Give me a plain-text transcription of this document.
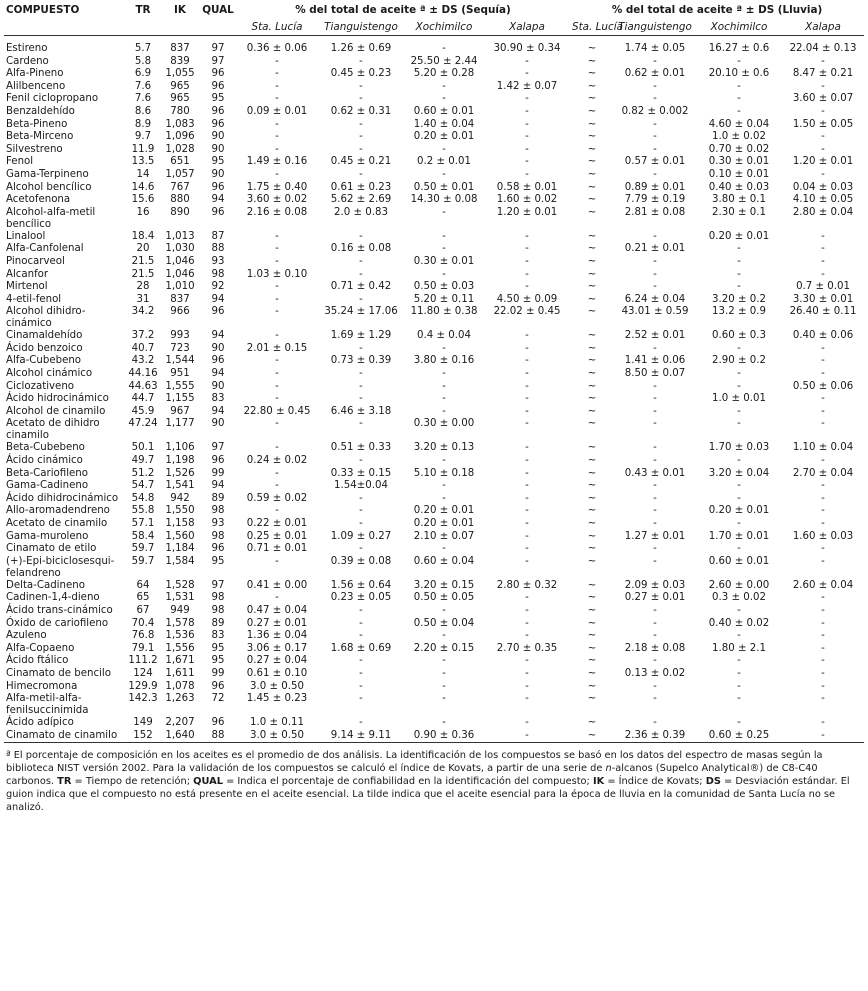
COMPUESTO	TR	IK	QUAL	% del total de aceite ª ± DS (Sequía)				% del total de aceite ª ± DS (Lluvia)			
				Sta. Lucía	Tianguistengo	Xochimilco	Xalapa	Sta. Lucía	Tianguistengo	Xochimilco	Xalapa

Estireno	5.7	837	97	0.36 ± 0.06	1.26 ± 0.69	-	30.90 ± 0.34	~	1.74 ± 0.05	16.27 ± 0.6	22.04 ± 0.13
Cardeno	5.8	839	97	-	-	25.50 ± 2.44	-	~	-	-	-
Alfa-Pineno	6.9	1,055	96	-	0.45 ± 0.23	5.20 ± 0.28	-	~	0.62 ± 0.01	20.10 ± 0.6	8.47 ± 0.21
Alilbenceno	7.6	965	96	-	-	-	1.42 ± 0.07	~	-	-	-
Fenil ciclopropano	7.6	965	95	-	-	-	-	~	-	-	3.60 ± 0.07
Benzaldehído	8.6	780	96	0.09 ± 0.01	0.62 ± 0.31	0.60 ± 0.01	-	~	0.82 ± 0.002	-	-
Beta-Pineno	8.9	1,083	96	-	-	1.40 ± 0.04	-	~	-	4.60 ± 0.04	1.50 ± 0.05
Beta-Mirceno	9.7	1,096	90	-	-	0.20 ± 0.01	-	~	-	1.0 ± 0.02	-
Silvestreno	11.9	1,028	90	-	-	-	-	~	-	0.70 ± 0.02	-
Fenol	13.5	651	95	1.49 ± 0.16	0.45 ± 0.21	0.2 ± 0.01	-	~	0.57 ± 0.01	0.30 ± 0.01	1.20 ± 0.01
Gama-Terpineno	14	1,057	90	-	-	-	-	~	-	0.10 ± 0.01	-
Alcohol bencílico	14.6	767	96	1.75 ± 0.40	0.61 ± 0.23	0.50 ± 0.01	0.58 ± 0.01	~	0.89 ± 0.01	0.40 ± 0.03	0.04 ± 0.03
Acetofenona	15.6	880	94	3.60 ± 0.02	5.62 ± 2.69	14.30 ± 0.08	1.60 ± 0.02	~	7.79 ± 0.19	3.80 ± 0.1	4.10 ± 0.05
Alcohol-alfa-metil bencílico	16	890	96	2.16 ± 0.08	2.0 ± 0.83	-	1.20 ± 0.01	~	2.81 ± 0.08	2.30 ± 0.1	2.80 ± 0.04
Linalool	18.4	1,013	87	-	-	-	-	~	-	0.20 ± 0.01	-
Alfa-Canfolenal	20	1,030	88	-	0.16 ± 0.08	-	-	~	0.21 ± 0.01	-	-
Pinocarveol	21.5	1,046	93	-	-	0.30 ± 0.01	-	~	-	-	-
Alcanfor	21.5	1,046	98	1.03 ± 0.10	-	-	-	~	-	-	-
Mirtenol	28	1,010	92	-	0.71 ± 0.42	0.50 ± 0.03	-	~	-	-	0.7 ± 0.01
4-etil-fenol	31	837	94	-	-	5.20 ± 0.11	4.50 ± 0.09	~	6.24 ± 0.04	3.20 ± 0.2	3.30 ± 0.01
Alcohol dihidro-cinámico	34.2	966	96	-	35.24 ± 17.06	11.80 ± 0.38	22.02 ± 0.45	~	43.01 ± 0.59	13.2 ± 0.9	26.40 ± 0.11
Cinamaldehído	37.2	993	94	-	1.69 ± 1.29	0.4 ± 0.04	-	~	2.52 ± 0.01	0.60 ± 0.3	0.40 ± 0.06
Ácido benzoico	40.7	723	90	2.01 ± 0.15	-	-	-	~	-	-	-
Alfa-Cubebeno	43.2	1,544	96	-	0.73 ± 0.39	3.80 ± 0.16	-	~	1.41 ± 0.06	2.90 ± 0.2	-
Alcohol cinámico	44.16	951	94	-	-	-	-	~	8.50 ± 0.07	-	-
Ciclozativeno	44.63	1,555	90	-	-	-	-	~	-	-	0.50 ± 0.06
Ácido hidrocinámico	44.7	1,155	83	-	-	-	-	~	-	1.0 ± 0.01	-
Alcohol de cinamilo	45.9	967	94	22.80 ± 0.45	6.46 ± 3.18	-	-	~	-	-	-
Acetato de dihidro cinamilo	47.24	1,177	90	-	-	0.30 ± 0.00	-	~	-	-	-
Beta-Cubebeno	50.1	1,106	97	-	0.51 ± 0.33	3.20 ± 0.13	-	~	-	1.70 ± 0.03	1.10 ± 0.04
Ácido cinámico	49.7	1,198	96	0.24 ± 0.02	-	-	-	~	-	-	-
Beta-Cariofileno	51.2	1,526	99	-	0.33 ± 0.15	5.10 ± 0.18	-	~	0.43 ± 0.01	3.20 ± 0.04	2.70 ± 0.04
Gama-Cadineno	54.7	1,541	94	-	1.54±0.04	-	-	~	-	-	-
Ácido dihidrocinámico	54.8	942	89	0.59 ± 0.02	-	-	-	~	-	-	-
Allo-aromadendreno	55.8	1,550	98	-	-	0.20 ± 0.01	-	~	-	0.20 ± 0.01	-
Acetato de cinamilo	57.1	1,158	93	0.22 ± 0.01	-	0.20 ± 0.01	-	~	-	-	-
Gama-muroleno	58.4	1,560	98	0.25 ± 0.01	1.09 ± 0.27	2.10 ± 0.07	-	~	1.27 ± 0.01	1.70 ± 0.01	1.60 ± 0.03
Cinamato de etilo	59.7	1,184	96	0.71 ± 0.01	-	-	-	~	-	-	-
(+)-Epi-biciclosesqui-felandreno	59.7	1,584	95	-	0.39 ± 0.08	0.60 ± 0.04	-	~	-	0.60 ± 0.01	-
Delta-Cadineno	64	1,528	97	0.41 ± 0.00	1.56 ± 0.64	3.20 ± 0.15	2.80 ± 0.32	~	2.09 ± 0.03	2.60 ± 0.00	2.60 ± 0.04
Cadinen-1,4-dieno	65	1,531	98	-	0.23 ± 0.05	0.50 ± 0.05	-	~	0.27 ± 0.01	0.3 ± 0.02	-
Ácido trans-cinámico	67	949	98	0.47 ± 0.04	-	-	-	~	-	-	-
Óxido de cariofileno	70.4	1,578	89	0.27 ± 0.01	-	0.50 ± 0.04	-	~	-	0.40 ± 0.02	-
Azuleno	76.8	1,536	83	1.36 ± 0.04	-	-	-	~	-	-	-
Alfa-Copaeno	79.1	1,556	95	3.06 ± 0.17	1.68 ± 0.69	2.20 ± 0.15	2.70 ± 0.35	~	2.18 ± 0.08	1.80 ± 2.1	-
Ácido ftálico	111.2	1,671	95	0.27 ± 0.04	-	-	-	~	-	-	-
Cinamato de bencilo	124	1,611	99	0.61 ± 0.10	-	-	-	~	0.13 ± 0.02	-	-
Himecromona	129.9	1,078	96	3.0 ± 0.50	-	-	-	~	-	-	-
Alfa-metil-alfa-fenilsuccinimida	142.3	1,263	72	1.45 ± 0.23	-	-	-	~	-	-	-
Ácido adípico	149	2,207	96	1.0 ± 0.11	-	-	-	~	-	-	-
Cinamato de cinamilo	152	1,640	88	3.0 ± 0.50	9.14 ± 9.11	0.90 ± 0.36	-	~	2.36 ± 0.39	0.60 ± 0.25	-

ª El porcentaje de composición en los aceites es el promedio de dos análisis. La identificación de los compuestos se basó en los datos del espectro de masas según la biblioteca NIST versión 2002. Para la validación de los compuestos se calculó el índice de Kovats, a partir de una serie de n-alcanos (Supelco Analytical®) de C8-C40 carbonos. TR = Tiempo de retención; QUAL = Indica el porcentaje de confiabilidad en la identificación del compuesto; IK = Índice de Kovats; DS = Desviación estándar. El guion indica que el compuesto no está presente en el aceite esencial. La tilde indica que el aceite esencial para la época de lluvia en la comunidad de Santa Lucía no se analizó.
